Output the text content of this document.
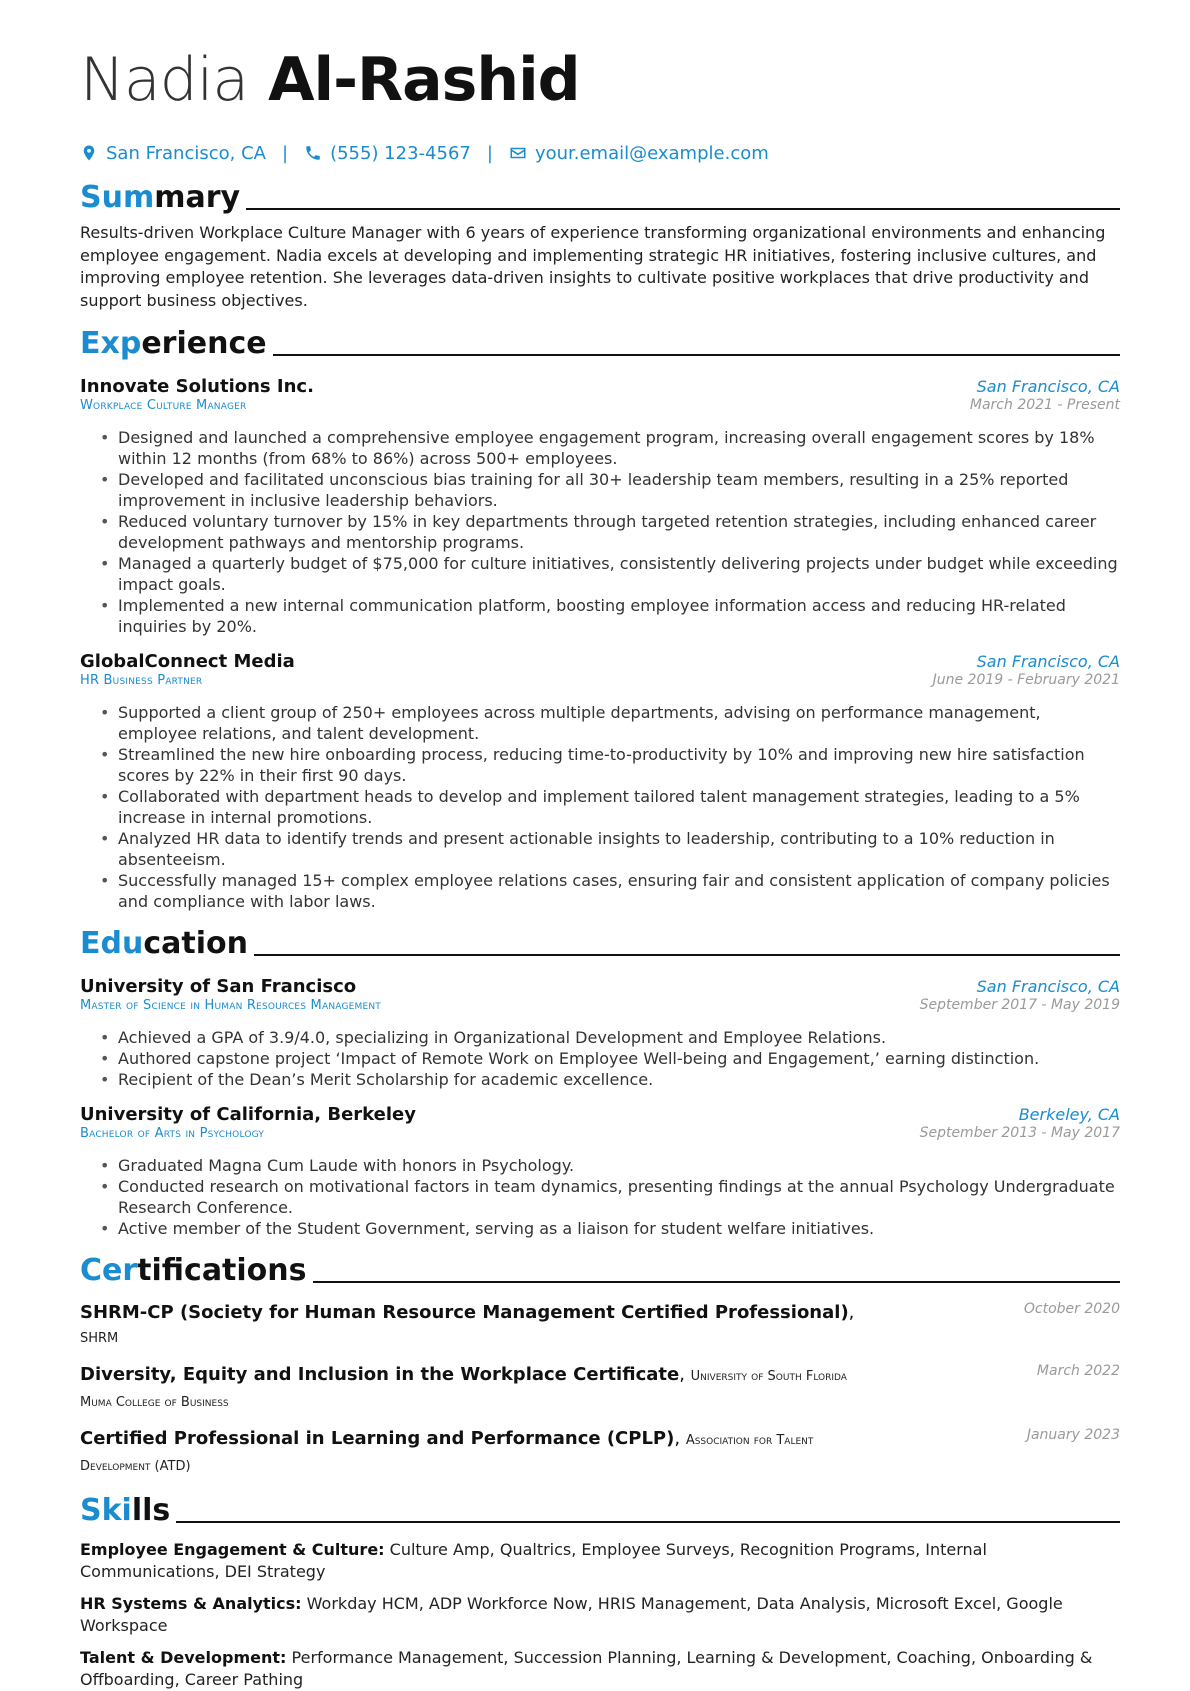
Nadia Al-Rashid
San Francisco, CA | (555) 123-4567 | your.email@example.com
Summary
Results-driven Workplace Culture Manager with 6 years of experience transforming organizational environments and enhancing employee engagement. Nadia excels at developing and implementing strategic HR initiatives, fostering inclusive cultures, and improving employee retention. She leverages data-driven insights to cultivate positive workplaces that drive productivity and support business objectives.
Experience
Innovate Solutions Inc.	San Francisco, CA
Workplace Culture Manager	March 2021 - Present
• Designed and launched a comprehensive employee engagement program, increasing overall engagement scores by 18% within 12 months (from 68% to 86%) across 500+ employees.
• Developed and facilitated unconscious bias training for all 30+ leadership team members, resulting in a 25% reported improvement in inclusive leadership behaviors.
• Reduced voluntary turnover by 15% in key departments through targeted retention strategies, including enhanced career development pathways and mentorship programs.
• Managed a quarterly budget of $75,000 for culture initiatives, consistently delivering projects under budget while exceeding impact goals.
• Implemented a new internal communication platform, boosting employee information access and reducing HR-related inquiries by 20%.
GlobalConnect Media	San Francisco, CA
HR Business Partner	June 2019 - February 2021
• Supported a client group of 250+ employees across multiple departments, advising on performance management, employee relations, and talent development.
• Streamlined the new hire onboarding process, reducing time-to-productivity by 10% and improving new hire satisfaction scores by 22% in their first 90 days.
• Collaborated with department heads to develop and implement tailored talent management strategies, leading to a 5% increase in internal promotions.
• Analyzed HR data to identify trends and present actionable insights to leadership, contributing to a 10% reduction in absenteeism.
• Successfully managed 15+ complex employee relations cases, ensuring fair and consistent application of company policies and compliance with labor laws.
Education
University of San Francisco	San Francisco, CA
Master of Science in Human Resources Management	September 2017 - May 2019
• Achieved a GPA of 3.9/4.0, specializing in Organizational Development and Employee Relations.
• Authored capstone project ‘Impact of Remote Work on Employee Well-being and Engagement,’ earning distinction.
• Recipient of the Dean’s Merit Scholarship for academic excellence.
University of California, Berkeley	Berkeley, CA
Bachelor of Arts in Psychology	September 2013 - May 2017
• Graduated Magna Cum Laude with honors in Psychology.
• Conducted research on motivational factors in team dynamics, presenting findings at the annual Psychology Undergraduate Research Conference.
• Active member of the Student Government, serving as a liaison for student welfare initiatives.
Certifications
SHRM-CP (Society for Human Resource Management Certified Professional), SHRM
October 2020
Diversity, Equity and Inclusion in the Workplace Certificate, University of South Florida Muma College of Business
March 2022
Certified Professional in Learning and Performance (CPLP), Association for Talent Development (ATD)
January 2023
Skills
Employee Engagement & Culture: Culture Amp, Qualtrics, Employee Surveys, Recognition Programs, Internal Communications, DEI Strategy
HR Systems & Analytics: Workday HCM, ADP Workforce Now, HRIS Management, Data Analysis, Microsoft Excel, Google Workspace
Talent & Development: Performance Management, Succession Planning, Learning & Development, Coaching, Onboarding & Offboarding, Career Pathing
